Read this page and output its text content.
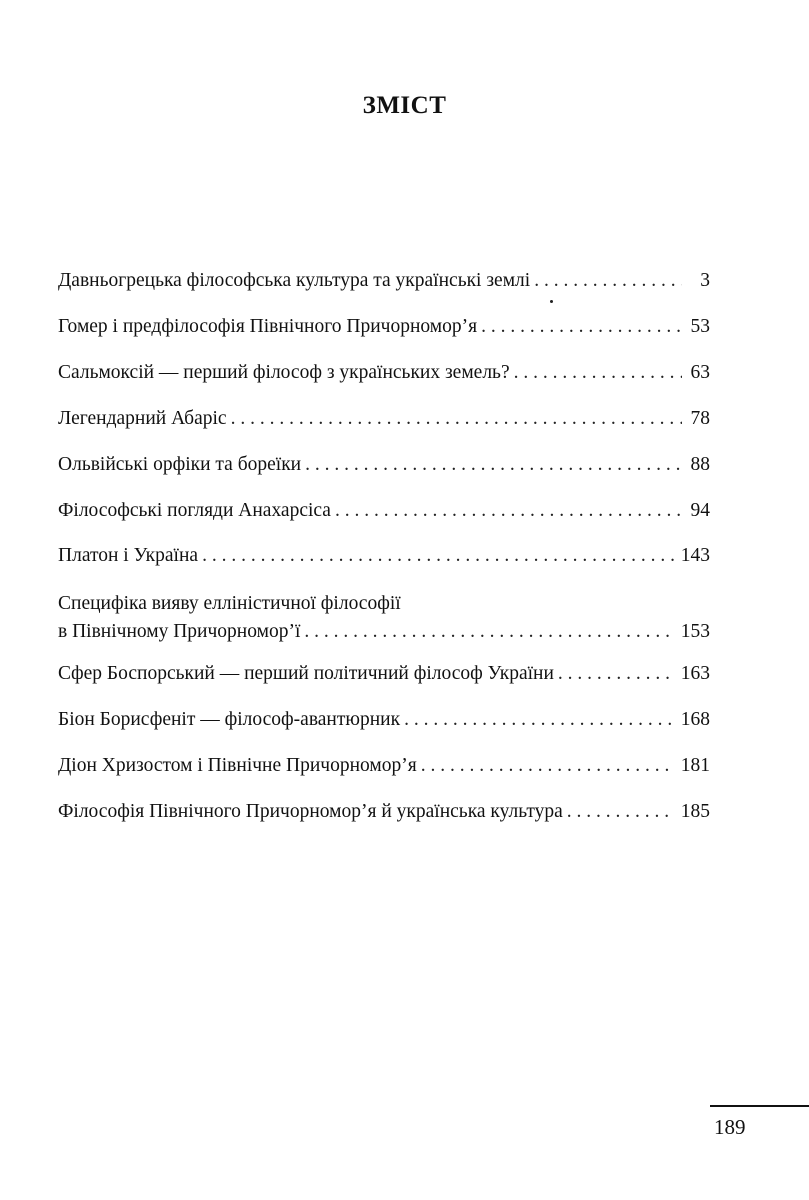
ЗМІСТ
Давньогрецька філософська культура та українські землі . . .	3
Гомер і предфілософія Північного Причорномор’я . . .	53
Сальмоксій — перший філософ з українських земель? . . .	63
Легендарний Абаріс . . .	78
Ольвійські орфіки та бореїки . . .	88
Філософські погляди Анахарсіса . . .	94
Платон і Україна . . .	143
Специфіка вияву елліністичної філософії
в Північному Причорномор’ї . . .	153
Сфер Боспорський — перший політичний філософ України . . .	163
Біон Борисфеніт — філософ-авантюрник . . .	168
Діон Хризостом і Північне Причорномор’я . . .	181
Філософія Північного Причорномор’я й українська культура . . .	185
189
